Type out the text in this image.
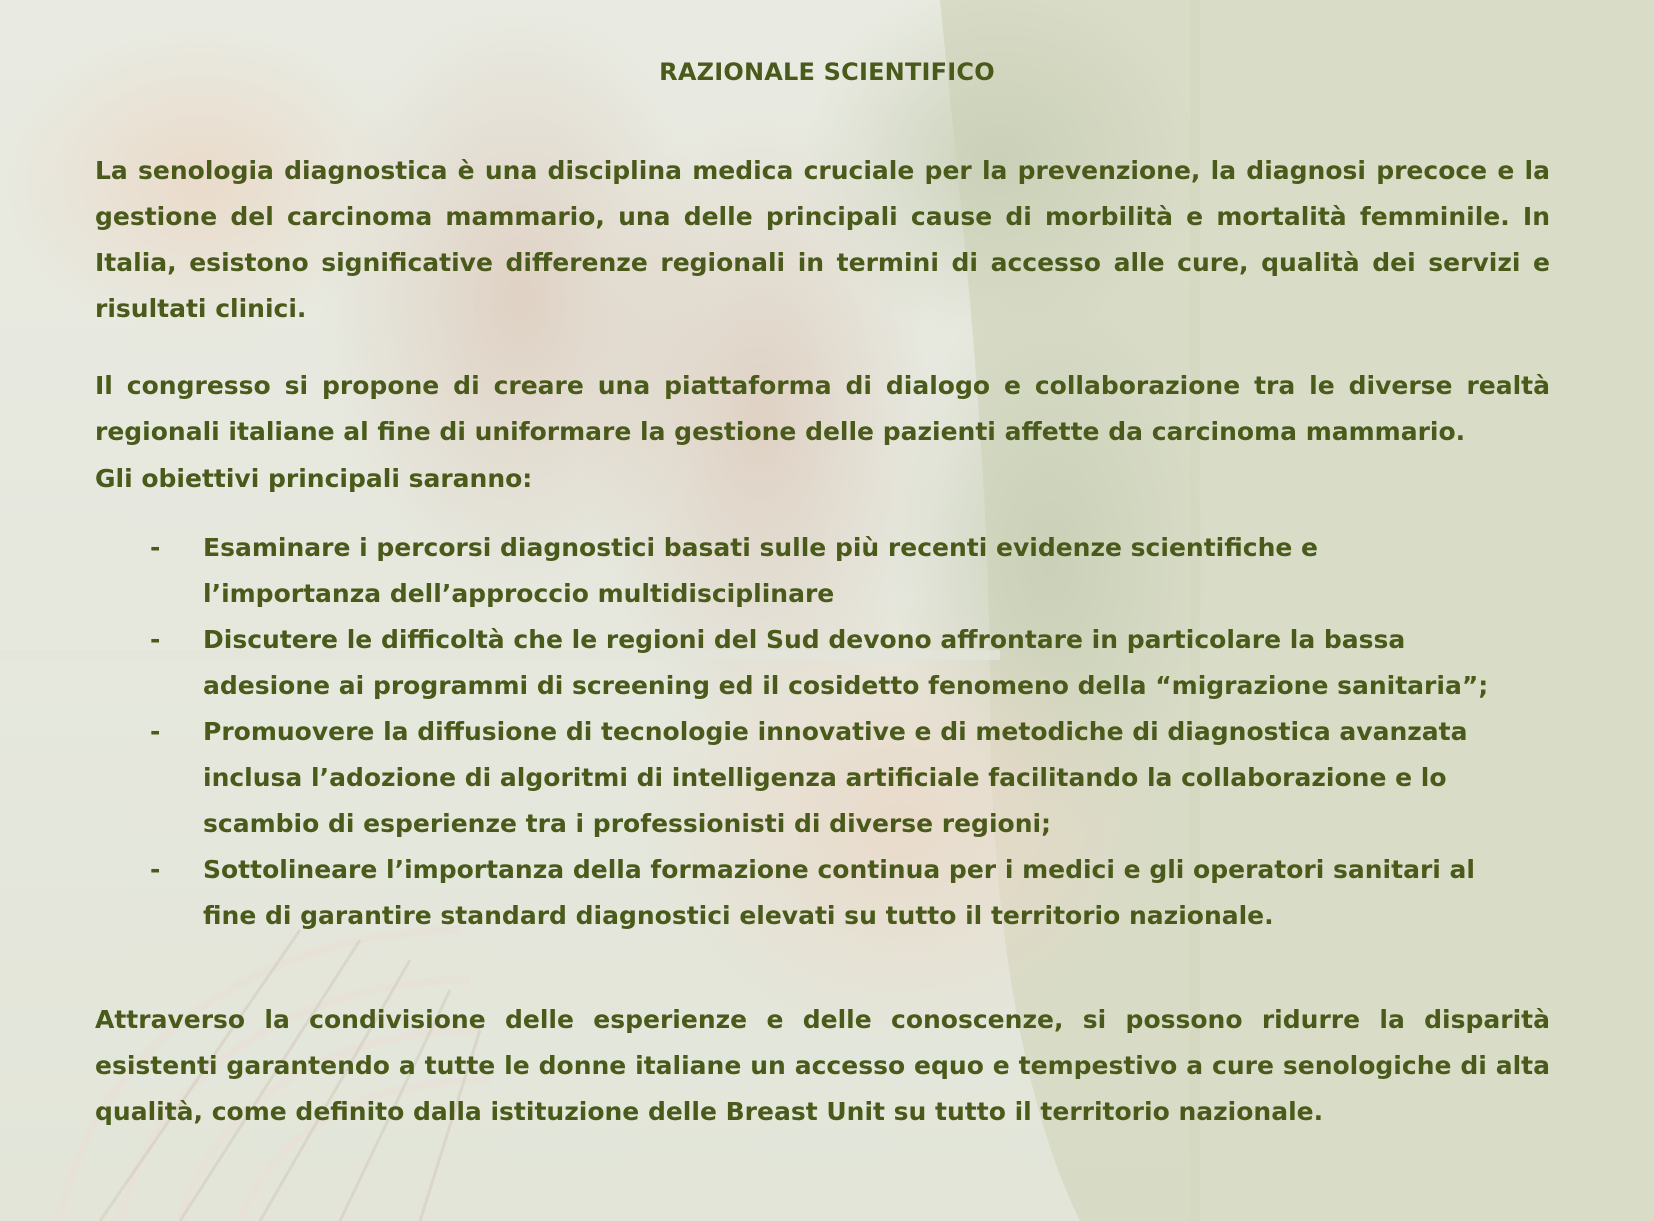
RAZIONALE SCIENTIFICO

La senologia diagnostica è una disciplina medica cruciale per la prevenzione, la diagnosi precoce e la gestione del carcinoma mammario, una delle principali cause di morbilità e mortalità femminile. In Italia, esistono significative differenze regionali in termini di accesso alle cure, qualità dei servizi e risultati clinici.

Il congresso si propone di creare una piattaforma di dialogo e collaborazione tra le diverse realtà regionali italiane al fine di uniformare la gestione delle pazienti affette da carcinoma mammario.

Gli obiettivi principali saranno:

- Esaminare i percorsi diagnostici basati sulle più recenti evidenze scientifiche e l’importanza dell’approccio multidisciplinare
- Discutere le difficoltà che le regioni del Sud devono affrontare in particolare la bassa adesione ai programmi di screening ed il cosidetto fenomeno della “migrazione sanitaria”;
- Promuovere la diffusione di tecnologie innovative e di metodiche di diagnostica avanzata inclusa l’adozione di algoritmi di intelligenza artificiale facilitando la collaborazione e lo scambio di esperienze tra i professionisti di diverse regioni;
- Sottolineare l’importanza della formazione continua per i medici e gli operatori sanitari al fine di garantire standard diagnostici elevati su tutto il territorio nazionale.

Attraverso la condivisione delle esperienze e delle conoscenze, si possono ridurre la disparità esistenti garantendo a tutte le donne italiane un accesso equo e tempestivo a cure senologiche di alta qualità, come definito dalla istituzione delle Breast Unit su tutto il territorio nazionale.
